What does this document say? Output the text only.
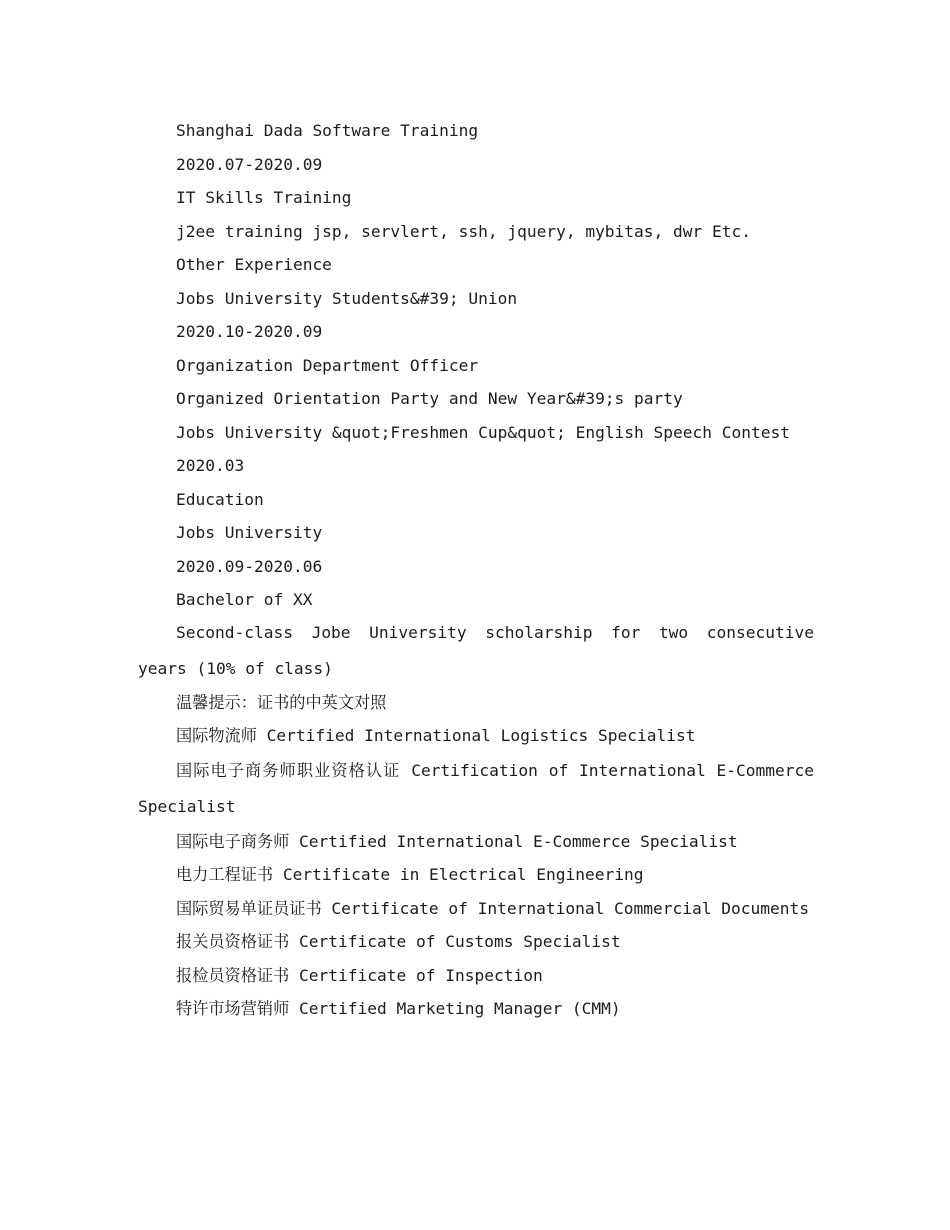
Shanghai Dada Software Training

2020.07-2020.09

IT Skills Training

j2ee training jsp, servlert, ssh, jquery, mybitas, dwr Etc.

Other Experience

Jobs University Students&#39; Union

2020.10-2020.09

Organization Department Officer

Organized Orientation Party and New Year&#39;s party

Jobs University &quot;Freshmen Cup&quot; English Speech Contest

2020.03

Education

Jobs University

2020.09-2020.06

Bachelor of XX

Second-class Jobe University scholarship for two consecutive years (10% of class)

温馨提示：证书的中英文对照

国际物流师 Certified International Logistics Specialist

国际电子商务师职业资格认证 Certification of International E-Commerce Specialist

国际电子商务师 Certified International E-Commerce Specialist

电力工程证书 Certificate in Electrical Engineering

国际贸易单证员证书 Certificate of International Commercial Documents

报关员资格证书 Certificate of Customs Specialist

报检员资格证书 Certificate of Inspection

特许市场营销师 Certified Marketing Manager (CMM)
